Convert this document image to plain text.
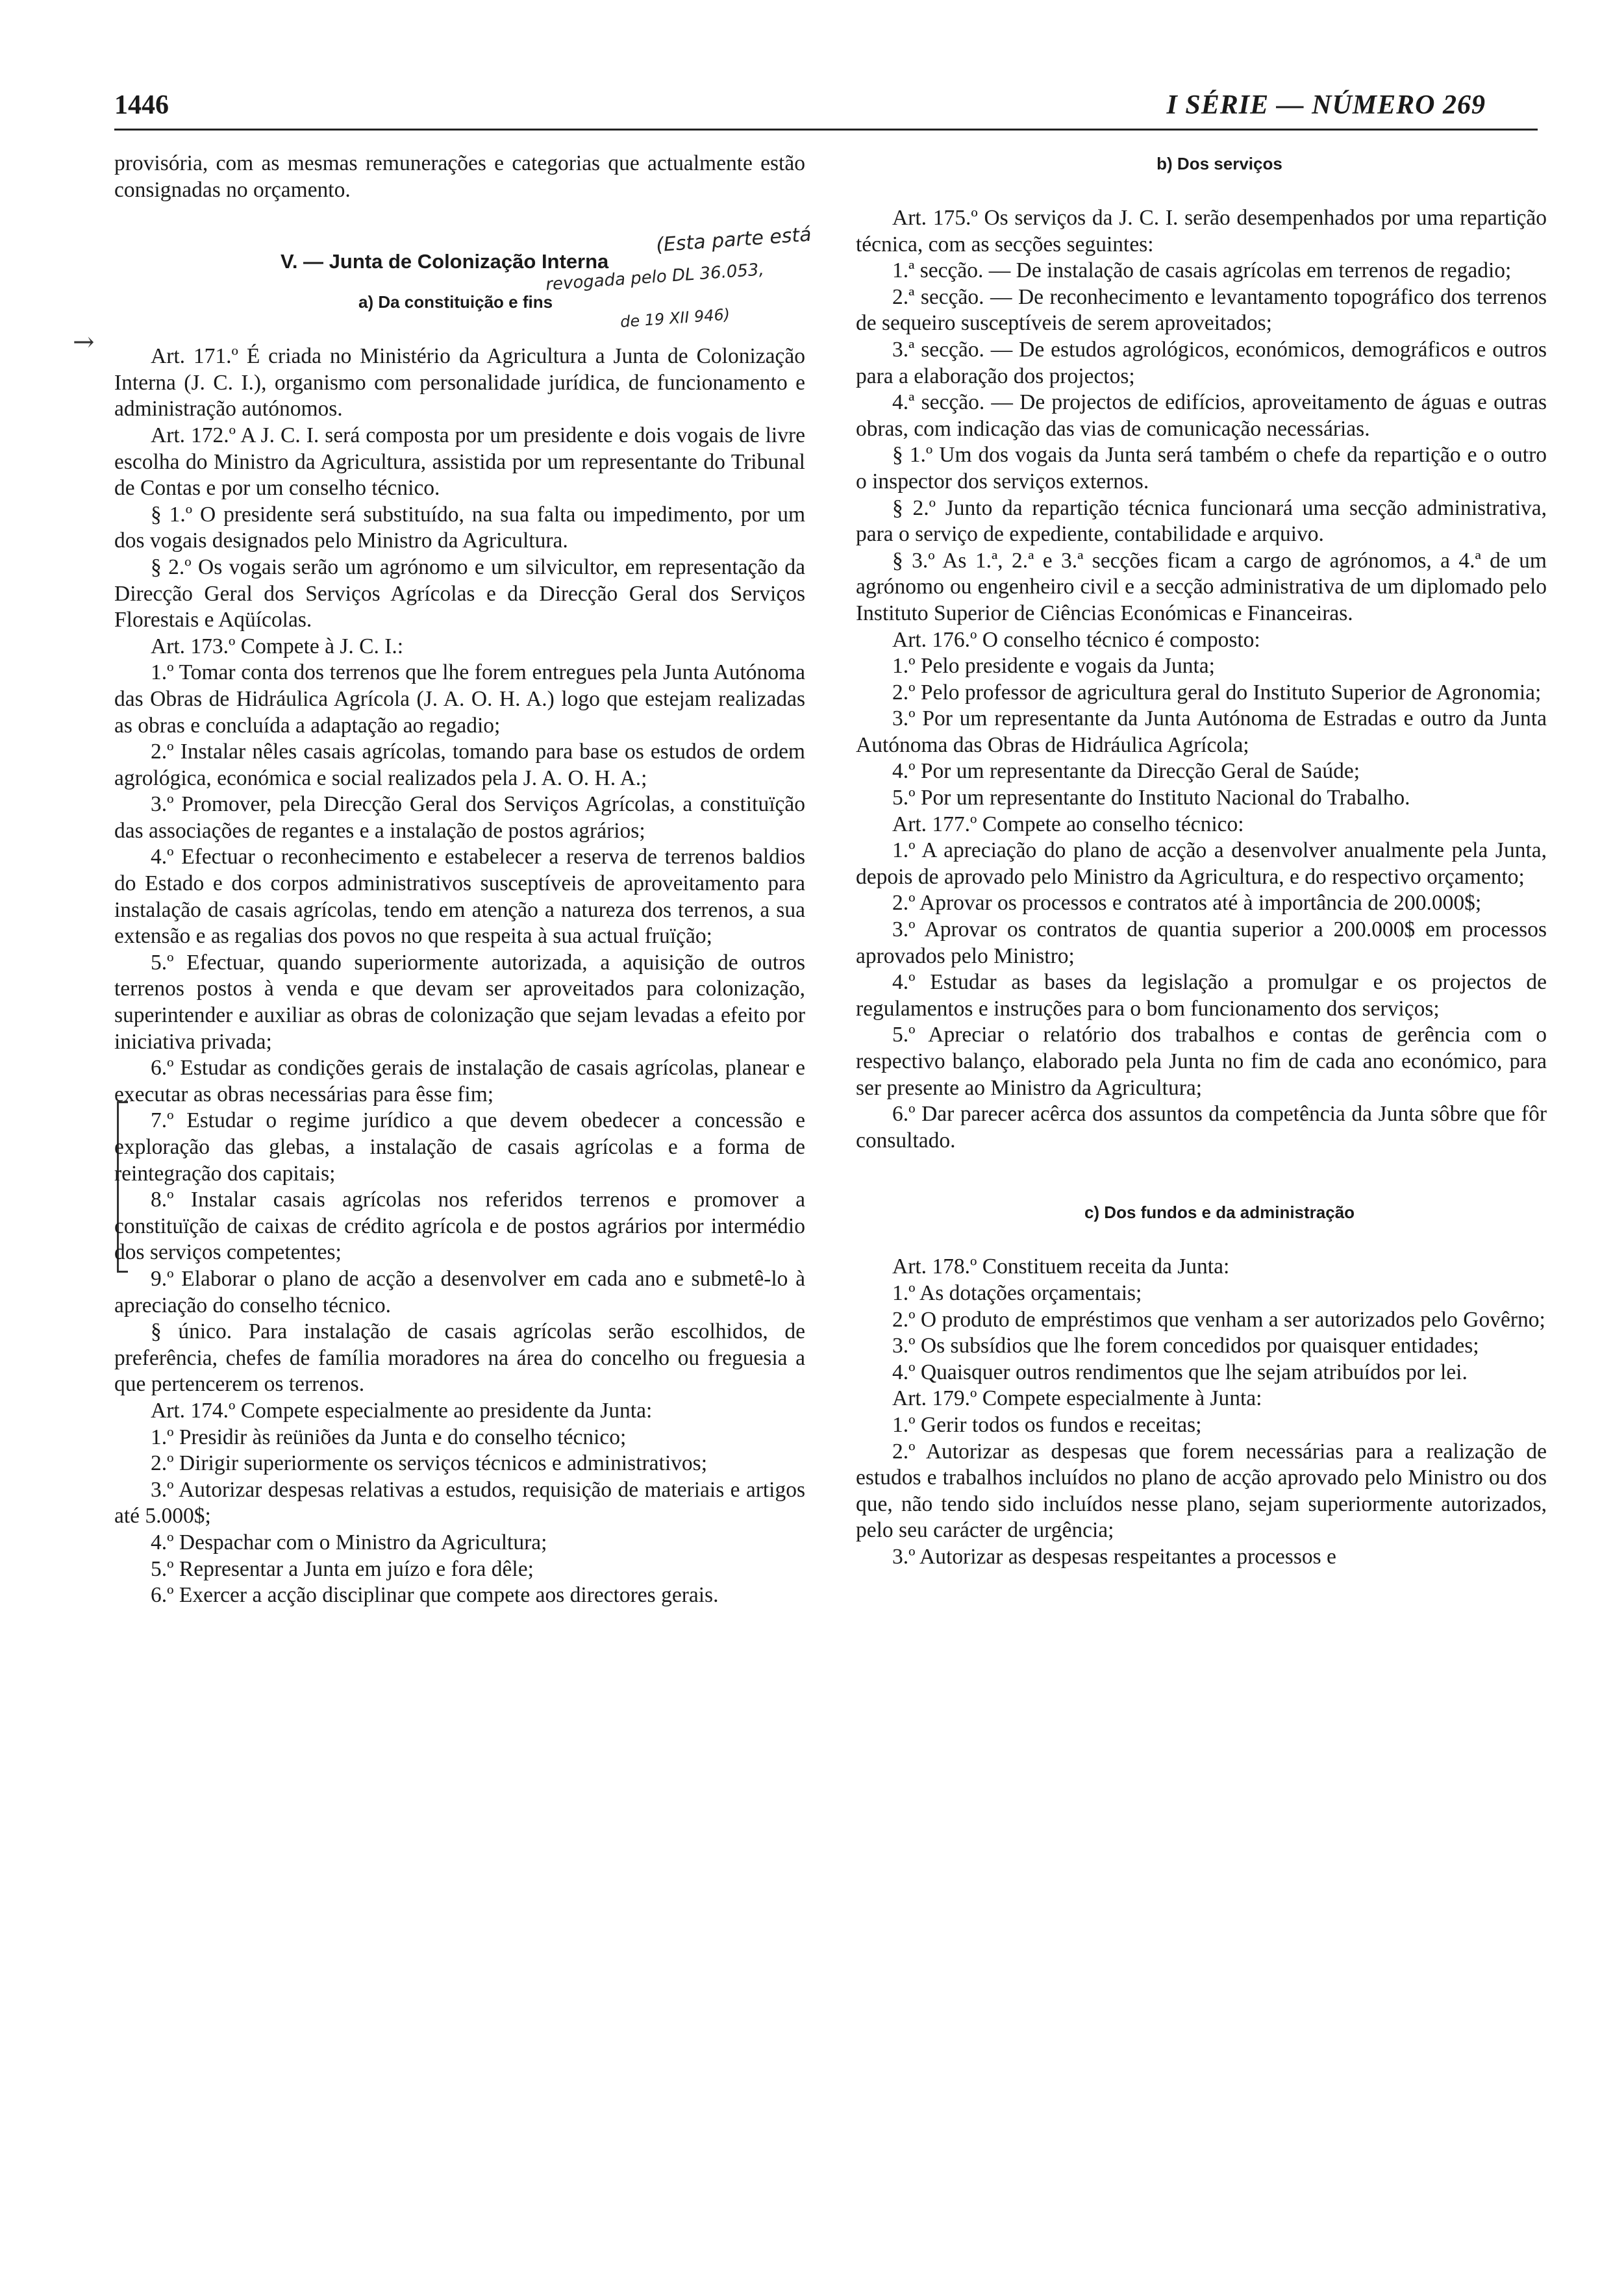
1446	I SÉRIE — NÚMERO 269
→
(Esta parte está
revogada pelo DL 36.053,
de 19 XII 946)

provisória, com as mesmas remunerações e categorias que actualmente estão consignadas no orçamento.

V. — Junta de Colonização Interna

a) Da constituição e fins

Art. 171.º É criada no Ministério da Agricultura a Junta de Colonização Interna (J. C. I.), organismo com personalidade jurídica, de funcionamento e administração autónomos.

Art. 172.º A J. C. I. será composta por um presidente e dois vogais de livre escolha do Ministro da Agricultura, assistida por um representante do Tribunal de Contas e por um conselho técnico.

§ 1.º O presidente será substituído, na sua falta ou impedimento, por um dos vogais designados pelo Ministro da Agricultura.

§ 2.º Os vogais serão um agrónomo e um silvicultor, em representação da Direcção Geral dos Serviços Agrícolas e da Direcção Geral dos Serviços Florestais e Aqüícolas.

Art. 173.º Compete à J. C. I.:

1.º Tomar conta dos terrenos que lhe forem entregues pela Junta Autónoma das Obras de Hidráulica Agrícola (J. A. O. H. A.) logo que estejam realizadas as obras e concluída a adaptação ao regadio;

2.º Instalar nêles casais agrícolas, tomando para base os estudos de ordem agrológica, económica e social realizados pela J. A. O. H. A.;

3.º Promover, pela Direcção Geral dos Serviços Agrícolas, a constituïção das associações de regantes e a instalação de postos agrários;

4.º Efectuar o reconhecimento e estabelecer a reserva de terrenos baldios do Estado e dos corpos administrativos susceptíveis de aproveitamento para instalação de casais agrícolas, tendo em atenção a natureza dos terrenos, a sua extensão e as regalias dos povos no que respeita à sua actual fruïção;

5.º Efectuar, quando superiormente autorizada, a aquisição de outros terrenos postos à venda e que devam ser aproveitados para colonização, superintender e auxiliar as obras de colonização que sejam levadas a efeito por iniciativa privada;

6.º Estudar as condições gerais de instalação de casais agrícolas, planear e executar as obras necessárias para êsse fim;

7.º Estudar o regime jurídico a que devem obedecer a concessão e exploração das glebas, a instalação de casais agrícolas e a forma de reintegração dos capitais;

8.º Instalar casais agrícolas nos referidos terrenos e promover a constituïção de caixas de crédito agrícola e de postos agrários por intermédio dos serviços competentes;

9.º Elaborar o plano de acção a desenvolver em cada ano e submetê-lo à apreciação do conselho técnico.

§ único. Para instalação de casais agrícolas serão escolhidos, de preferência, chefes de família moradores na área do concelho ou freguesia a que pertencerem os terrenos.

Art. 174.º Compete especialmente ao presidente da Junta:

1.º Presidir às reüniões da Junta e do conselho técnico;

2.º Dirigir superiormente os serviços técnicos e administrativos;

3.º Autorizar despesas relativas a estudos, requisição de materiais e artigos até 5.000$;

4.º Despachar com o Ministro da Agricultura;

5.º Representar a Junta em juízo e fora dêle;

6.º Exercer a acção disciplinar que compete aos directores gerais.

b) Dos serviços

Art. 175.º Os serviços da J. C. I. serão desempenhados por uma repartição técnica, com as secções seguintes:

1.ª secção. — De instalação de casais agrícolas em terrenos de regadio;

2.ª secção. — De reconhecimento e levantamento topográfico dos terrenos de sequeiro susceptíveis de serem aproveitados;

3.ª secção. — De estudos agrológicos, económicos, demográficos e outros para a elaboração dos projectos;

4.ª secção. — De projectos de edifícios, aproveitamento de águas e outras obras, com indicação das vias de comunicação necessárias.

§ 1.º Um dos vogais da Junta será também o chefe da repartição e o outro o inspector dos serviços externos.

§ 2.º Junto da repartição técnica funcionará uma secção administrativa, para o serviço de expediente, contabilidade e arquivo.

§ 3.º As 1.ª, 2.ª e 3.ª secções ficam a cargo de agrónomos, a 4.ª de um agrónomo ou engenheiro civil e a secção administrativa de um diplomado pelo Instituto Superior de Ciências Económicas e Financeiras.

Art. 176.º O conselho técnico é composto:

1.º Pelo presidente e vogais da Junta;

2.º Pelo professor de agricultura geral do Instituto Superior de Agronomia;

3.º Por um representante da Junta Autónoma de Estradas e outro da Junta Autónoma das Obras de Hidráulica Agrícola;

4.º Por um representante da Direcção Geral de Saúde;

5.º Por um representante do Instituto Nacional do Trabalho.

Art. 177.º Compete ao conselho técnico:

1.º A apreciação do plano de acção a desenvolver anualmente pela Junta, depois de aprovado pelo Ministro da Agricultura, e do respectivo orçamento;

2.º Aprovar os processos e contratos até à importância de 200.000$;

3.º Aprovar os contratos de quantia superior a 200.000$ em processos aprovados pelo Ministro;

4.º Estudar as bases da legislação a promulgar e os projectos de regulamentos e instruções para o bom funcionamento dos serviços;

5.º Apreciar o relatório dos trabalhos e contas de gerência com o respectivo balanço, elaborado pela Junta no fim de cada ano económico, para ser presente ao Ministro da Agricultura;

6.º Dar parecer acêrca dos assuntos da competência da Junta sôbre que fôr consultado.

c) Dos fundos e da administração

Art. 178.º Constituem receita da Junta:

1.º As dotações orçamentais;

2.º O produto de empréstimos que venham a ser autorizados pelo Govêrno;

3.º Os subsídios que lhe forem concedidos por quaisquer entidades;

4.º Quaisquer outros rendimentos que lhe sejam atribuídos por lei.

Art. 179.º Compete especialmente à Junta:

1.º Gerir todos os fundos e receitas;

2.º Autorizar as despesas que forem necessárias para a realização de estudos e trabalhos incluídos no plano de acção aprovado pelo Ministro ou dos que, não tendo sido incluídos nesse plano, sejam superiormente autorizados, pelo seu carácter de urgência;

3.º Autorizar as despesas respeitantes a processos e
